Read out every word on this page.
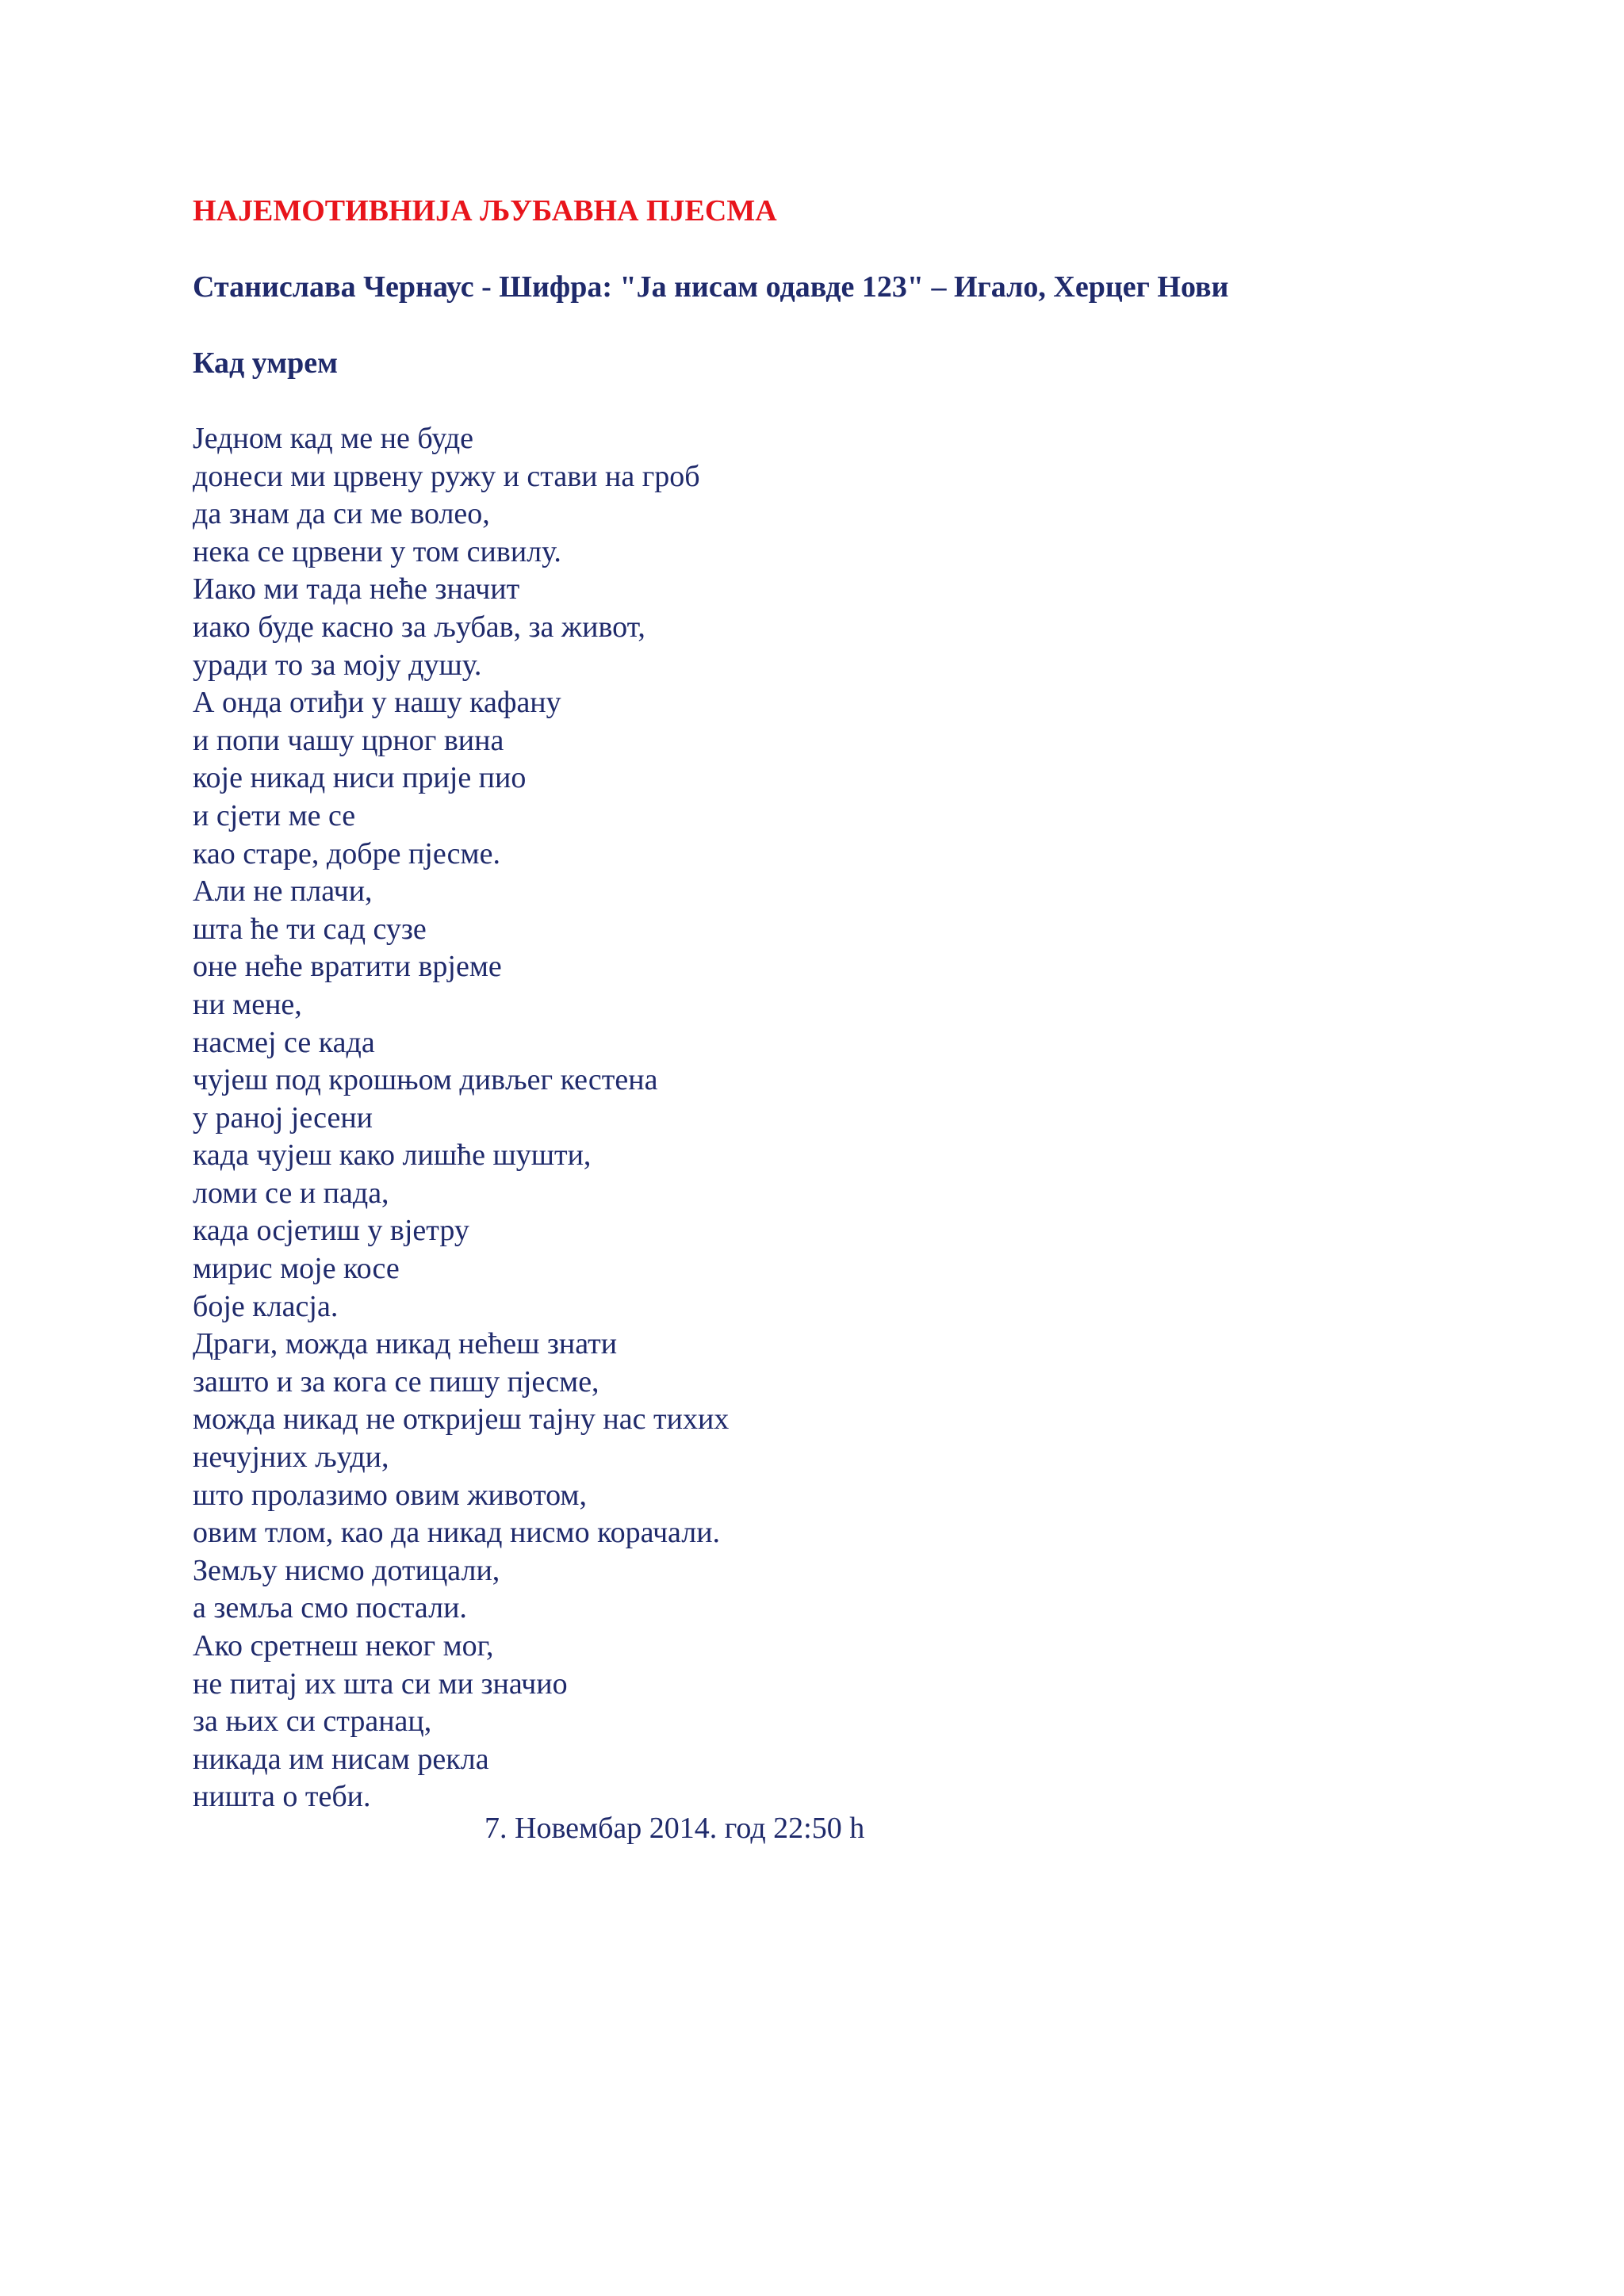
НАЈЕМОТИВНИЈА ЉУБАВНА ПЈЕСМА

Станислава Чернаус - Шифра: "Ја нисам одавде 123" – Игало, Херцег Нови

Кад умрем

Једном кад ме не буде
донеси ми црвену ружу и стави на гроб
да знам да си ме волео,
нека се црвени у том сивилу.
Иако ми тада неће значит
иако буде касно за љубав, за живот,
уради то за моју душу.
А онда отиђи у нашу кафану
и попи чашу црног вина
које никад ниси прије пио
и сјети ме се
као старе, добре пјесме.
Али не плачи,
шта ће ти сад сузе
оне неће вратити врјеме
ни мене,
насмеј се када
чујеш под крошњом дивљег кестена
у раној јесени
када чујеш како лишће шушти,
ломи се и пада,
када осјетиш у вјетру
мирис моје косе
боје класја.
Драги, можда никад нећеш знати
зашто и за кога се пишу пјесме,
можда никад не откријеш тајну нас тихих
нечујних људи,
што пролазимо овим животом,
овим тлом, као да никад нисмо корачали.
Земљу нисмо дотицали,
а земља смо постали.
Ако сретнеш неког мог,
не питај их шта си ми значио
за њих си странац,
никада им нисам рекла
ништа о теби.

7. Новембар 2014. год 22:50 h
